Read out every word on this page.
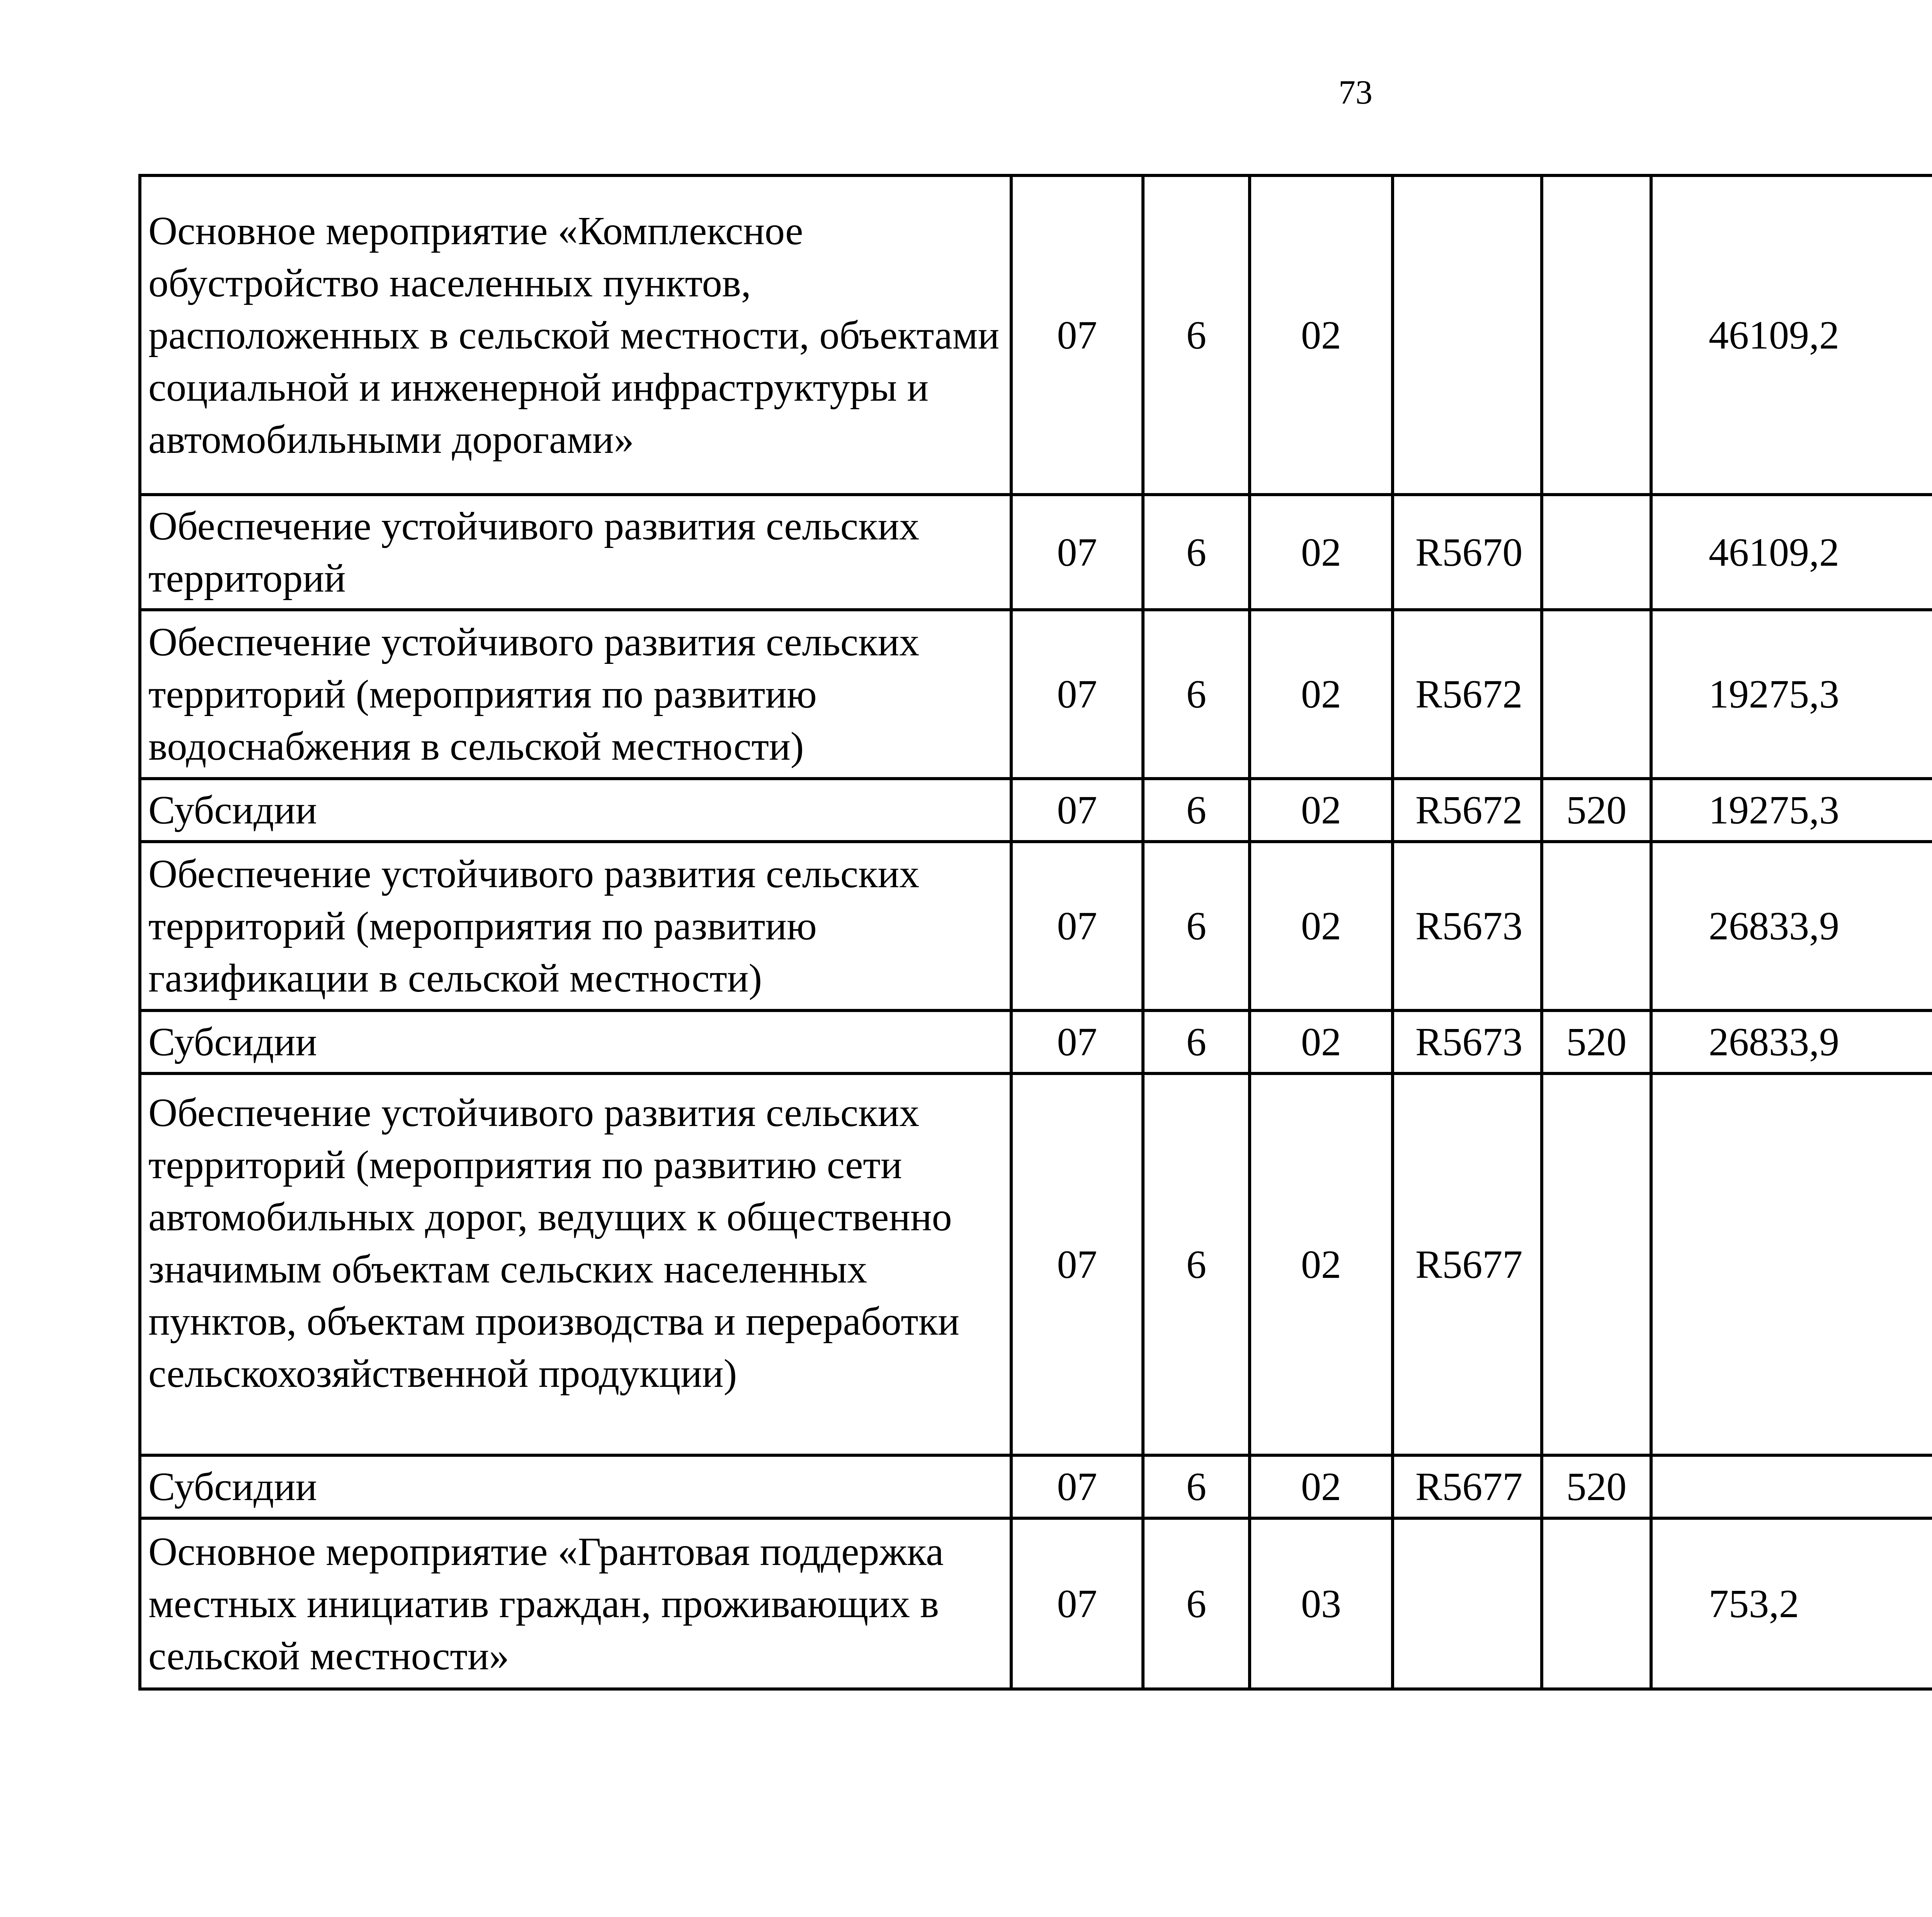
73
Основное мероприятие «Комплексное обустройство населенных пунктов, расположенных в сельской местности, объектами социальной и инженерной инфраструктуры и автомобильными дорогами»	07	6	02			46109,2		
Обеспечение устойчивого развития сельских территорий	07	6	02	R5670		46109,2		
Обеспечение устойчивого развития сельских территорий (мероприятия по развитию водоснабжения в сельской местности)	07	6	02	R5672		19275,3		
Субсидии	07	6	02	R5672	520	19275,3		
Обеспечение устойчивого развития сельских территорий (мероприятия по развитию газификации в сельской местности)	07	6	02	R5673		26833,9		
Субсидии	07	6	02	R5673	520	26833,9		
Обеспечение устойчивого развития сельских территорий (мероприятия по развитию сети автомобильных дорог, ведущих к общественно значимым объектам сельских населенных пунктов, объектам производства и переработки сельскохозяйственной продукции)	07	6	02	R5677				
Субсидии	07	6	02	R5677	520			
Основное мероприятие «Грантовая поддержка местных инициатив граждан, проживающих в сельской местности»	07	6	03			753,2		
